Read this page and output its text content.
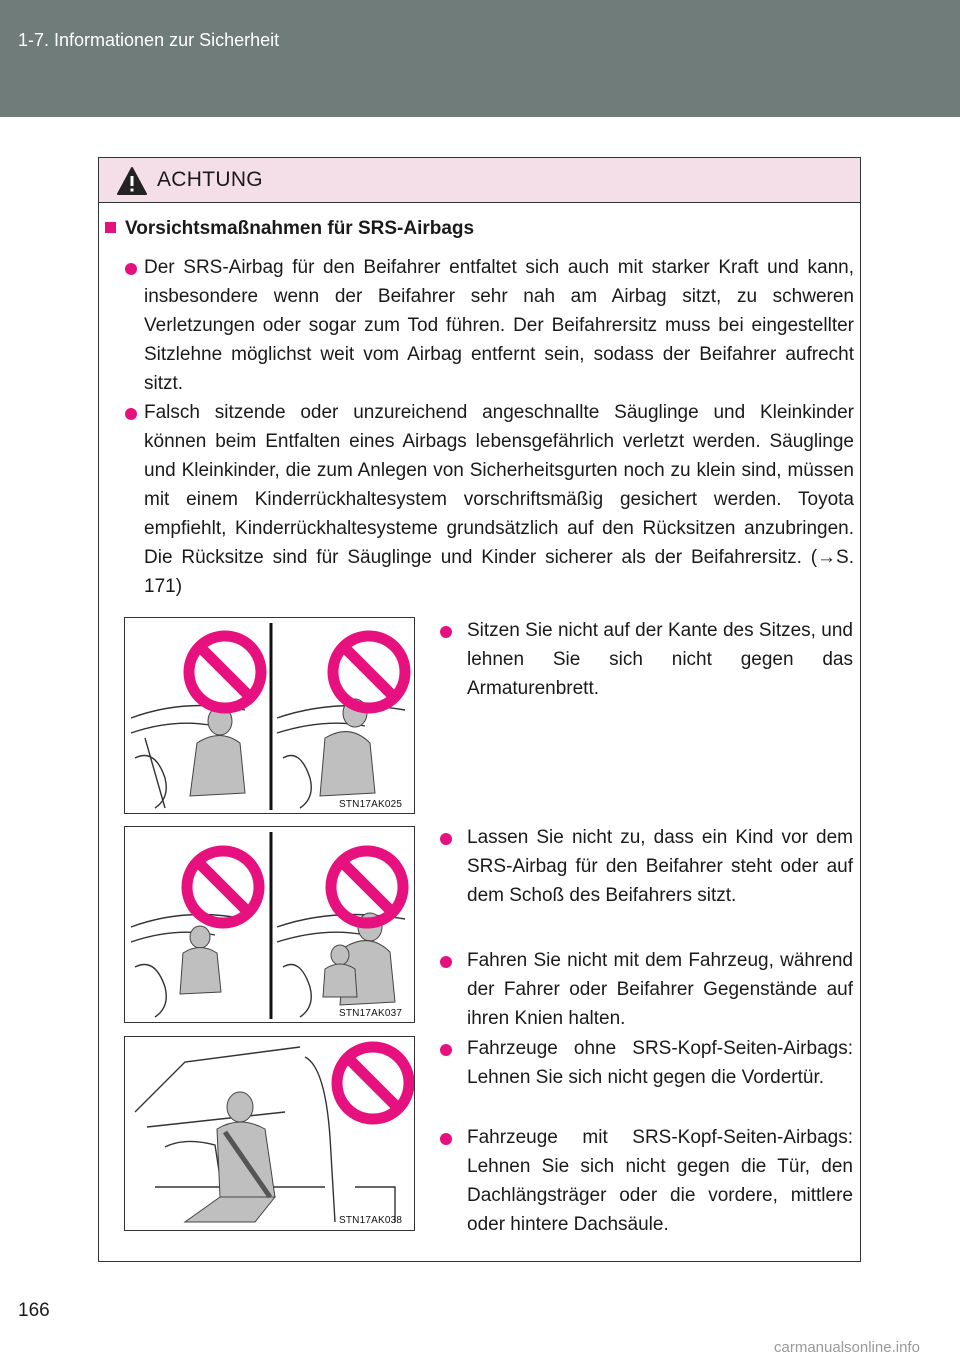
1-7. Informationen zur Sicherheit
ACHTUNG
Vorsichtsmaßnahmen für SRS-Airbags
Der SRS-Airbag für den Beifahrer entfaltet sich auch mit starker Kraft und kann, insbesondere wenn der Beifahrer sehr nah am Airbag sitzt, zu schweren Verletzungen oder sogar zum Tod führen. Der Beifahrersitz muss bei eingestellter Sitzlehne möglichst weit vom Airbag entfernt sein, sodass der Beifahrer aufrecht sitzt.
Falsch sitzende oder unzureichend angeschnallte Säuglinge und Kleinkinder können beim Entfalten eines Airbags lebensgefährlich verletzt werden. Säuglinge und Kleinkinder, die zum Anlegen von Sicherheitsgurten noch zu klein sind, müssen mit einem Kinderrückhaltesystem vorschriftsmäßig gesichert werden. Toyota empfiehlt, Kinderrückhaltesysteme grundsätzlich auf den Rücksitzen anzubringen. Die Rücksitze sind für Säuglinge und Kinder sicherer als der Beifahrersitz. (→S. 171)
STN17AK025
STN17AK037
STN17AK038
Sitzen Sie nicht auf der Kante des Sitzes, und lehnen Sie sich nicht gegen das Armaturenbrett.
Lassen Sie nicht zu, dass ein Kind vor dem SRS-Airbag für den Beifahrer steht oder auf dem Schoß des Beifahrers sitzt.
Fahren Sie nicht mit dem Fahrzeug, während der Fahrer oder Beifahrer Gegenstände auf ihren Knien halten.
Fahrzeuge ohne SRS-Kopf-Seiten-Airbags: Lehnen Sie sich nicht gegen die Vordertür.
Fahrzeuge mit SRS-Kopf-Seiten-Airbags: Lehnen Sie sich nicht gegen die Tür, den Dachlängsträger oder die vordere, mittlere oder hintere Dachsäule.
166
carmanualsonline.info
